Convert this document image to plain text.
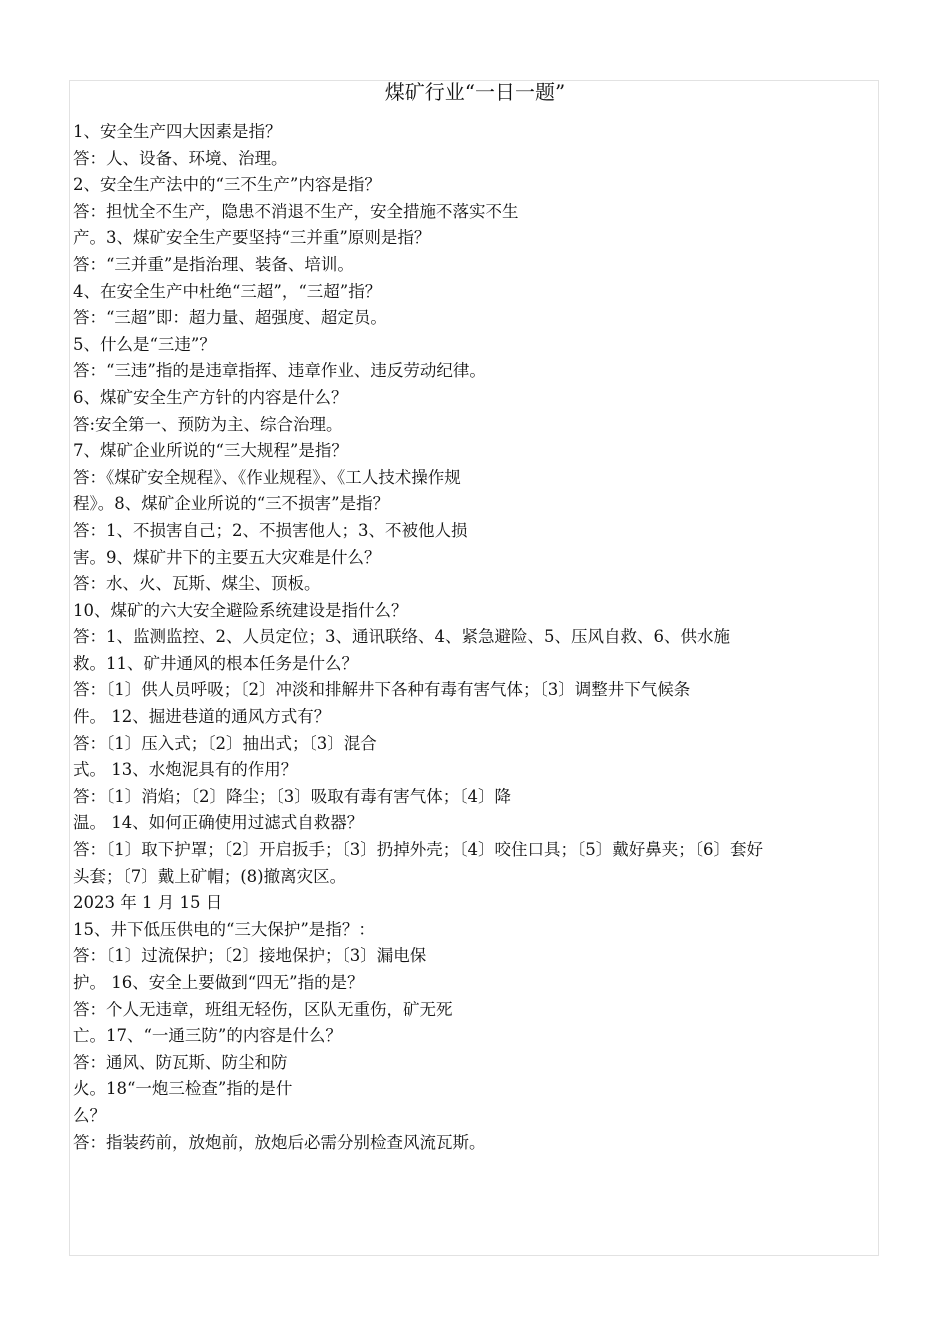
煤矿行业“一日一题”
1、安全生产四大因素是指？
答：人、设备、环境、治理。
2、安全生产法中的“三不生产”内容是指？
答：担忧全不生产，隐患不消退不生产，安全措施不落实不生
产。3、煤矿安全生产要坚持“三并重”原则是指？
答：“三并重”是指治理、装备、培训。
4、在安全生产中杜绝“三超”，“三超”指？
答：“三超”即：超力量、超强度、超定员。
5、什么是“三违”？
答：“三违”指的是违章指挥、违章作业、违反劳动纪律。
6、煤矿安全生产方针的内容是什么？
答:安全第一、预防为主、综合治理。
7、煤矿企业所说的“三大规程”是指？
答：《煤矿安全规程》、《作业规程》、《工人技术操作规
程》。8、煤矿企业所说的“三不损害”是指？
答：1、不损害自己；2、不损害他人；3、不被他人损
害。9、煤矿井下的主要五大灾难是什么？
答：水、火、瓦斯、煤尘、顶板。
10、煤矿的六大安全避险系统建设是指什么？
答：1、监测监控、2、人员定位；3、通讯联络、4、紧急避险、5、压风自救、6、供水施
救。11、矿井通风的根本任务是什么？
答：〔1〕供人员呼吸；〔2〕冲淡和排解井下各种有毒有害气体；〔3〕调整井下气候条
件。 12、掘进巷道的通风方式有？
答：〔1〕压入式；〔2〕抽出式；〔3〕混合
式。 13、水炮泥具有的作用？
答：〔1〕消焰；〔2〕降尘；〔3〕吸取有毒有害气体；〔4〕降
温。 14、如何正确使用过滤式自救器？
答：〔1〕取下护罩；〔2〕开启扳手；〔3〕扔掉外壳；〔4〕咬住口具；〔5〕戴好鼻夹；〔6〕套好
头套；〔7〕戴上矿帽；(8)撤离灾区。
2023 年 1 月 15 日
15、井下低压供电的“三大保护”是指？：
答：〔1〕过流保护；〔2〕接地保护；〔3〕漏电保
护。 16、安全上要做到“四无”指的是？
答：个人无违章，班组无轻伤，区队无重伤，矿无死
亡。17、“一通三防”的内容是什么？
答：通风、防瓦斯、防尘和防
火。18“一炮三检查”指的是什
么？
答：指装药前，放炮前，放炮后必需分别检查风流瓦斯。
